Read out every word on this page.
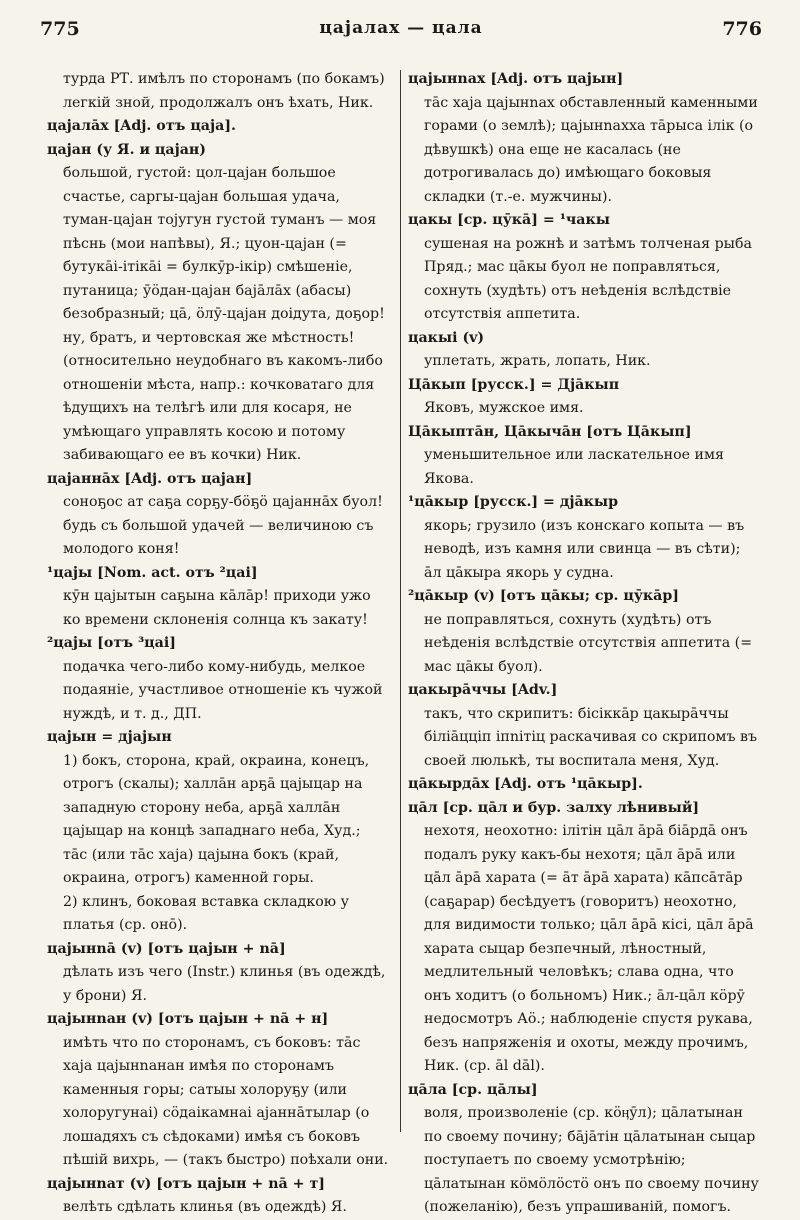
775	цајалах — цала	776

турда РТ. имѣлъ по сторонамъ (по бокамъ) легкій зной, продолжалъ онъ ѣхать, Ник.

цајалāх [Adj. отъ цаја].

цајан (у Я. и цајан)

большой, густой: цол-цајан большое счастье, саргы-цајан большая удача, туман-цајан тојугун густой туманъ — моя пѣснь (мои напѣвы), Я.; цуон-цајан (= бутукāі-ітікāі = булкӯр-ікір) смѣшеніе, путаница; ӯöдан-цајан бајāлāх (абасы) безобразный; цā, öлӯ-цајан доідута, доҕор! ну, братъ, и чертовская же мѣстность! (относительно неудобнаго въ какомъ-либо отношеніи мѣста, напр.: кочковатаго для ѣдущихъ на телѣгѣ или для косаря, не умѣющаго управлять косою и потому забивающаго ее въ кочки) Ник.

цајаннāх [Adj. отъ цајан]

соноҕос ат саҕа сорҕу-бöҕö цајаннāх буол! будь съ большой удачей — величиною съ молодого коня!

¹цајы [Nom. act. отъ ²цаі]

кӯн цајытын саҕына кāлāр! приходи ужо ко времени склоненія солнца къ закату!

²цајы [отъ ³цаі]

подачка чего-либо кому-нибудь, мелкое подаяніе, участливое отношеніе къ чужой нуждѣ, и т. д., ДП.

цајын = дјајын

1) бокъ, сторона, край, окраина, конецъ, отрогъ (скалы); халлāн арҕā цајыцар на западную сторону неба, арҕā халлāн цајыцар на концѣ западнаго неба, Худ.; тāс (или тāс хаја) цајына бокъ (край, окраина, отрогъ) каменной горы.

2) клинъ, боковая вставка складкою у платья (ср. онō).

цајынnā (v) [отъ цајын + nā]

дѣлать изъ чего (Instr.) клинья (въ одеждѣ, у брони) Я.

цајынnан (v) [отъ цајын + nā + н]

имѣть что по сторонамъ, съ боковъ: тāс хаја цајынnанан имѣя по сторонамъ каменныя горы; сатыы холоруҕу (или холоругунаі) сӧдаікамнаі ајаннāтылар (о лошадяхъ съ сѣдоками) имѣя съ боковъ пѣшій вихрь, — (такъ быстро) поѣхали они.

цајынnат (v) [отъ цајын + nā + т]

велѣть сдѣлать клинья (въ одеждѣ) Я.

цајынnах [Adj. отъ цајын]

тāс хаја цајынnах обставленный каменными горами (о землѣ); цајынnахха тāрыса ілік (о дѣвушкѣ) она еще не касалась (не дотрогивалась до) имѣющаго боковыя складки (т.-е. мужчины).

цакы [ср. цӯкā] = ¹чакы

сушеная на рожнѣ и затѣмъ толченая рыба Пряд.; мас цāкы буол не поправляться, сохнуть (худѣть) отъ неѣденія вслѣдствіе отсутствія аппетита.

цакыі (v)

уплетать, жрать, лопать, Ник.

Цāкып [русск.] = Дјāкып

Яковъ, мужское имя.

Цāкыптāн, Цāкычāн [отъ Цāкып]

уменьшительное или ласкательное имя Якова.

¹цāкыр [русск.] = дјāкыр

якорь; грузило (изъ конскаго копыта — въ неводѣ, изъ камня или свинца — въ сѣти); āл цāкыра якорь у судна.

²цāкыр (v) [отъ цāкы; ср. цӯкāр]

не поправляться, сохнуть (худѣть) отъ неѣденія вслѣдствіе отсутствія аппетита (= мас цāкы буол).

цакырāччы [Adv.]

такъ, что скрипитъ: бісіккāр цакырāччы біліāцціп іпnітіц раскачивая со скрипомъ въ своей люлькѣ, ты воспитала меня, Худ.

цāкырдāх [Adj. отъ ¹цāкыр].

цāл [ср. цāл и бур. залху лѣнивый]

нехотя, неохотно: ілітін цāл āрā біāрдā онъ подалъ руку какъ-бы нехотя; цāл āрā или цāл āрā харата (= āт āрā харата) кāпсāтāр (саҕарар) бесѣдуетъ (говоритъ) неохотно, для видимости только; цāл āрā кісі, цāл āрā харата сыцар безпечный, лѣностный, медлительный человѣкъ; слава одна, что онъ ходитъ (о больномъ) Ник.; āл-цāл кöрӯ недосмотръ Аӧ.; наблюденіе спустя рукава, безъ напряженія и охоты, между прочимъ, Ник. (ср. āl dāl).

цāла [ср. цāлы]

воля, произволеніе (ср. кöӊӯл); цāлатынан по своему почину; бāјāтін цāлатынан сыцар поступаетъ по своему усмотрѣнію; цāлатынан кöмöлöстö онъ по своему почину (пожеланію), безъ упрашиваній, помогъ.
